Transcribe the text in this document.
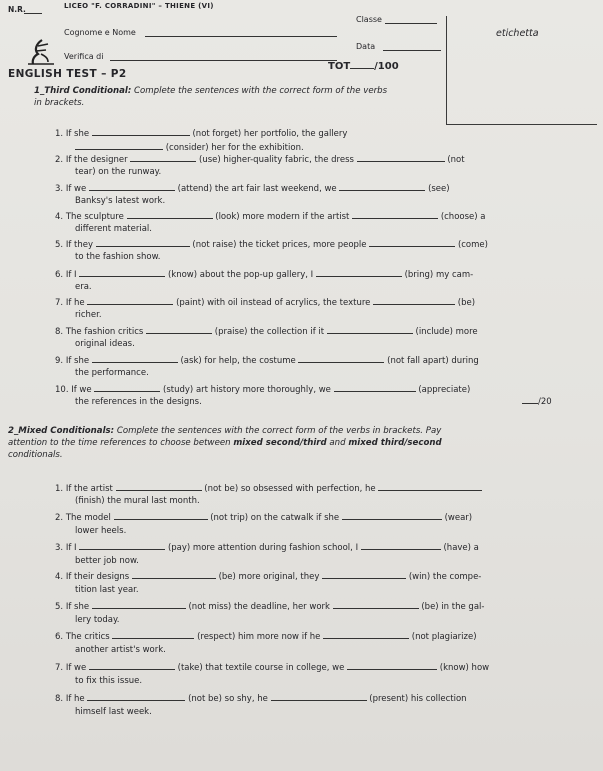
N.R.	LICEO "F. CORRADINI" – THIENE (VI)
Cognome e Nome
Classe
Verifica di
Data
etichetta
ENGLISH TEST – P2
TOT /100
1_Third Conditional: Complete the sentences with the correct form of the verbs
in brackets.
1. If she	(not forget) her portfolio, the gallery
(consider) her for the exhibition.
2. If the designer	(use) higher-quality fabric, the dress	(not
tear) on the runway.
3. If we	(attend) the art fair last weekend, we	(see)
Banksy's latest work.
4. The sculpture	(look) more modern if the artist	(choose) a
different material.
5. If they	(not raise) the ticket prices, more people	(come)
to the fashion show.
6. If I	(know) about the pop-up gallery, I	(bring) my cam-
era.
7. If he	(paint) with oil instead of acrylics, the texture	(be)
richer.
8. The fashion critics	(praise) the collection if it	(include) more
original ideas.
9. If she	(ask) for help, the costume	(not fall apart) during
the performance.
10. If we	(study) art history more thoroughly, we	(appreciate)
the references in the designs.	/20
2_Mixed Conditionals: Complete the sentences with the correct form of the verbs in brackets. Pay
attention to the time references to choose between mixed second/third and mixed third/second
conditionals.
1. If the artist	(not be) so obsessed with perfection, he
(finish) the mural last month.
2. The model	(not trip) on the catwalk if she	(wear)
lower heels.
3. If I	(pay) more attention during fashion school, I	(have) a
better job now.
4. If their designs	(be) more original, they	(win) the compe-
tition last year.
5. If she	(not miss) the deadline, her work	(be) in the gal-
lery today.
6. The critics	(respect) him more now if he	(not plagiarize)
another artist's work.
7. If we	(take) that textile course in college, we	(know) how
to fix this issue.
8. If he	(not be) so shy, he	(present) his collection
himself last week.
